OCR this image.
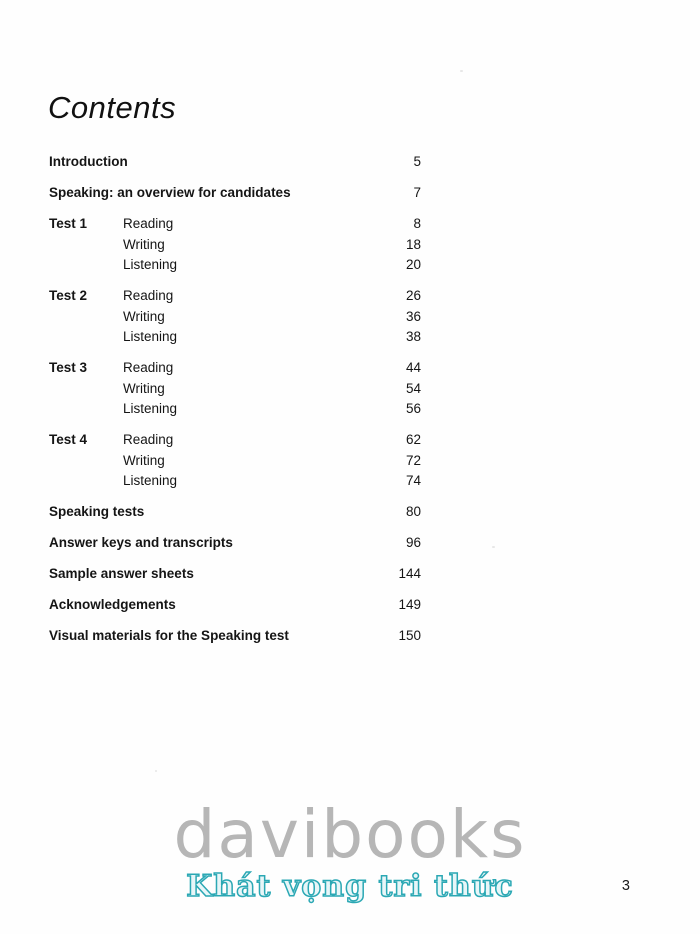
Contents
Introduction	5
Speaking: an overview for candidates	7
Test 1	Reading	8
Writing	18
Listening	20
Test 2	Reading	26
Writing	36
Listening	38
Test 3	Reading	44
Writing	54
Listening	56
Test 4	Reading	62
Writing	72
Listening	74
Speaking tests	80
Answer keys and transcripts	96
Sample answer sheets	144
Acknowledgements	149
Visual materials for the Speaking test	150
davibooks
Khát vọng tri thức	3
